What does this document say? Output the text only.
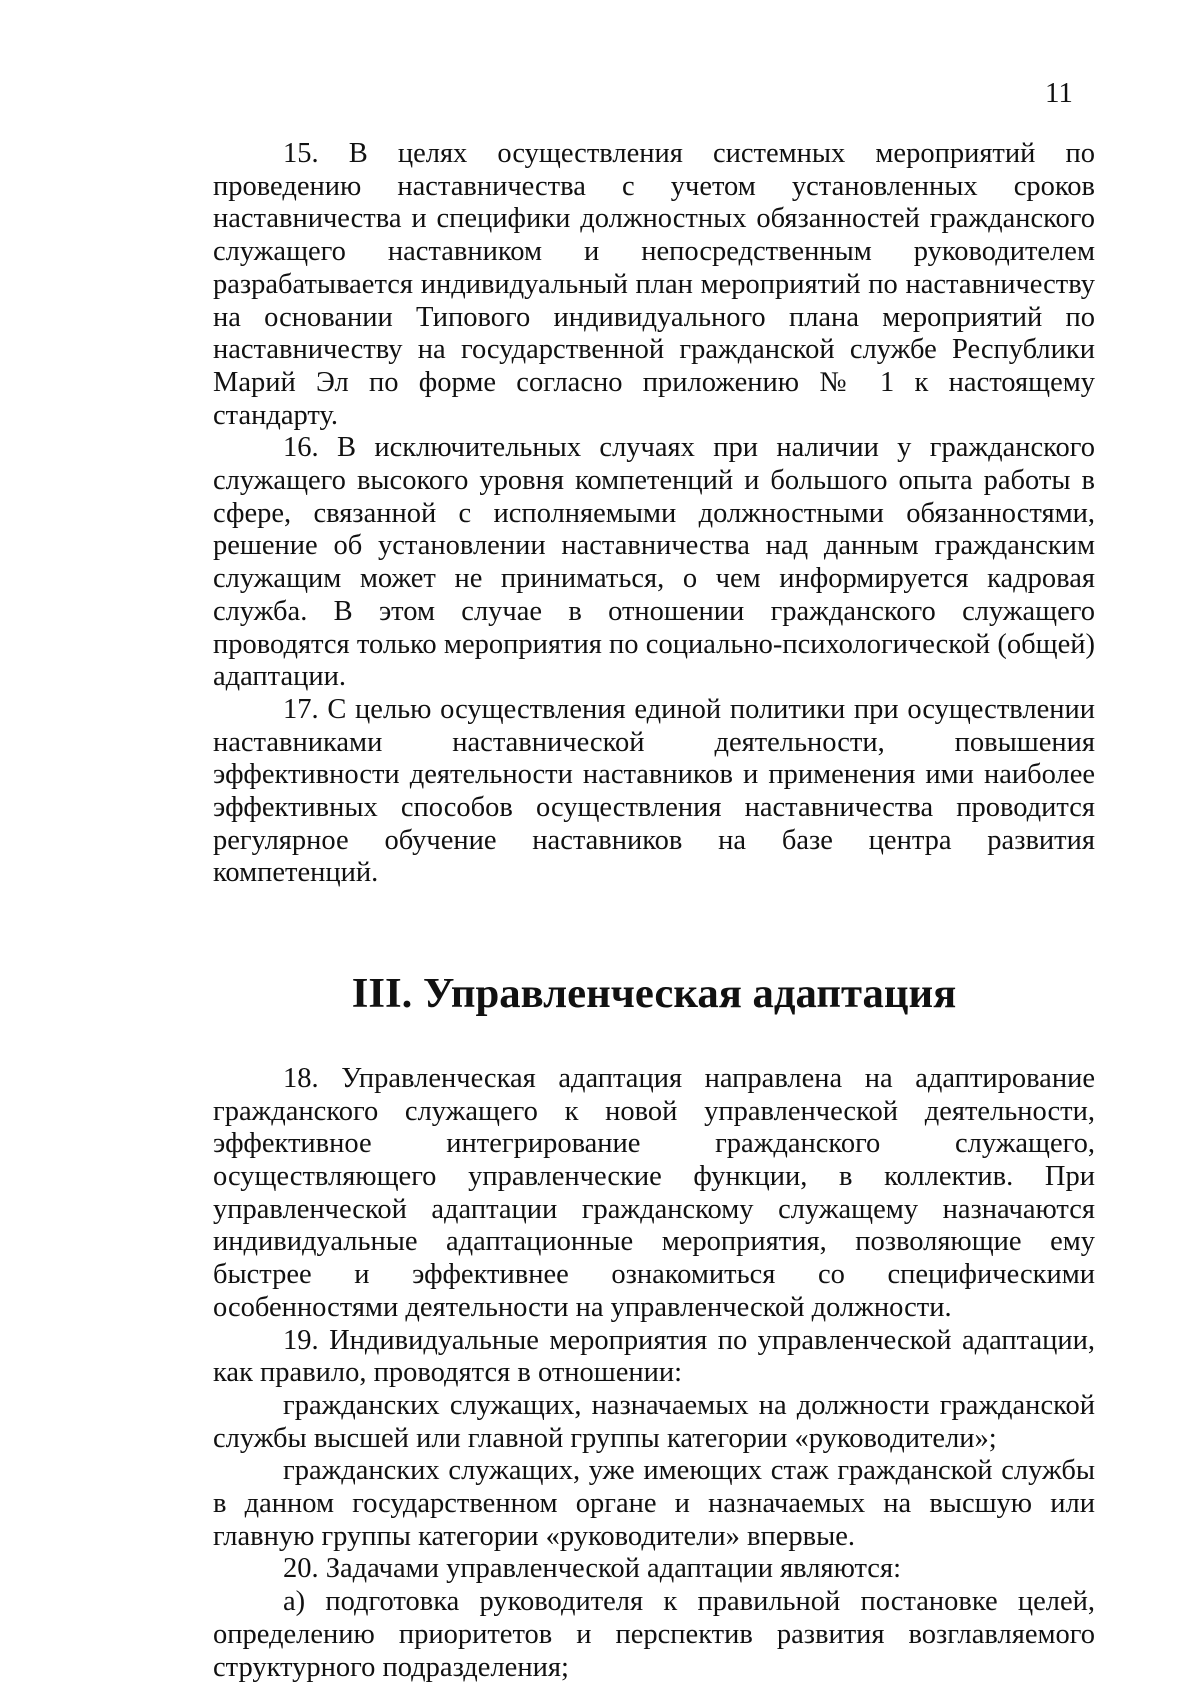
11

15. В целях осуществления системных мероприятий по проведению наставничества с учетом установленных сроков наставничества и специфики должностных обязанностей гражданского служащего наставником и непосредственным руководителем разрабатывается индивидуальный план мероприятий по наставничеству на основании Типового индивидуального плана мероприятий по наставничеству на государственной гражданской службе Республики Марий Эл по форме согласно приложению № 1 к настоящему стандарту.

16. В исключительных случаях при наличии у гражданского служащего высокого уровня компетенций и большого опыта работы в сфере, связанной с исполняемыми должностными обязанностями, решение об установлении наставничества над данным гражданским служащим может не приниматься, о чем информируется кадровая служба. В этом случае в отношении гражданского служащего проводятся только мероприятия по социально-психологической (общей) адаптации.

17. С целью осуществления единой политики при осуществлении наставниками наставнической деятельности, повышения эффективности деятельности наставников и применения ими наиболее эффективных способов осуществления наставничества проводится регулярное обучение наставников на базе центра развития компетенций.

III. Управленческая адаптация

18. Управленческая адаптация направлена на адаптирование гражданского служащего к новой управленческой деятельности, эффективное интегрирование гражданского служащего, осуществляющего управленческие функции, в коллектив. При управленческой адаптации гражданскому служащему назначаются индивидуальные адаптационные мероприятия, позволяющие ему быстрее и эффективнее ознакомиться со специфическими особенностями деятельности на управленческой должности.

19. Индивидуальные мероприятия по управленческой адаптации, как правило, проводятся в отношении:

гражданских служащих, назначаемых на должности гражданской службы высшей или главной группы категории «руководители»;

гражданских служащих, уже имеющих стаж гражданской службы в данном государственном органе и назначаемых на высшую или главную группы категории «руководители» впервые.

20. Задачами управленческой адаптации являются:

а) подготовка руководителя к правильной постановке целей, определению приоритетов и перспектив развития возглавляемого структурного подразделения;
